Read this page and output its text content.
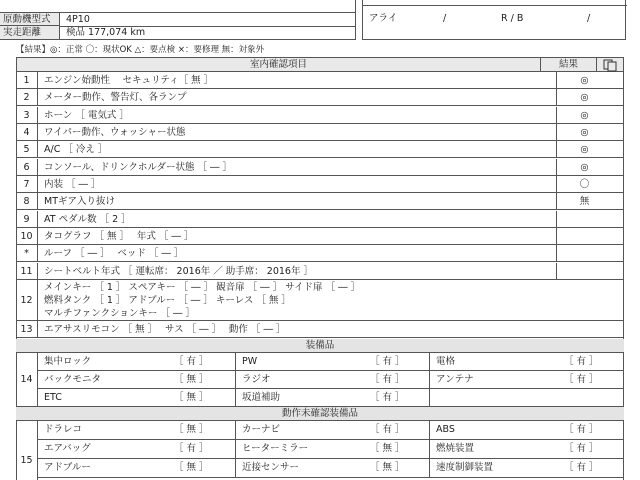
原動機型式 4P10
実走距離	検品 177,074 km
アライ	/	R / B	/
【結果】◎：正常 〇：現状OK △：要点検 ×：要修理 無：対象外
室内確認項目	結果
1	エンジン始動性　 セキュリティ［ 無 ］	◎
2	メーター動作、警告灯、各ランプ	◎
3	ホーン ［ 電気式 ］	◎
4	ワイパー動作、ウォッシャー状態	◎
5	A/C ［ 冷え ］	◎
6	コンソール、ドリンクホルダー状態 ［ ― ］	◎
7	内装 ［ ― ］	〇
8	MTギア入り抜け	無
9	AT ペダル数 ［ 2 ］
10	タコグラフ ［ 無 ］　 年式 ［ ― ］
*	ルーフ ［ ― ］　 ベッド ［ ― ］
11	シートベルト年式 ［ 運転席： 2016年 ／ 助手席： 2016年 ］
12
メインキー ［ 1 ］ スペアキー ［ ― ］ 観音扉 ［ ― ］ サイド扉 ［ ― ］
燃料タンク ［ 1 ］ アドブルー ［ ― ］ キーレス ［ 無 ］
マルチファンクションキー ［ ― ］
13	エアサスリモコン ［ 無 ］　 サス ［ ― ］　 動作 ［ ― ］
装備品
14
集中ロック	［ 有 ］	PW	［ 有 ］	電格	［ 有 ］
バックモニタ	［ 無 ］	ラジオ	［ 有 ］	アンテナ	［ 有 ］
ETC	［ 無 ］	坂道補助	［ 有 ］
動作未確認装備品
15
ドラレコ	［ 無 ］	カーナビ	［ 有 ］	ABS	［ 有 ］
エアバッグ	［ 有 ］	ヒーターミラー	［ 無 ］	燃焼装置	［ 有 ］
アドブルー	［ 無 ］	近接センサー	［ 無 ］	速度制御装置	［ 有 ］
